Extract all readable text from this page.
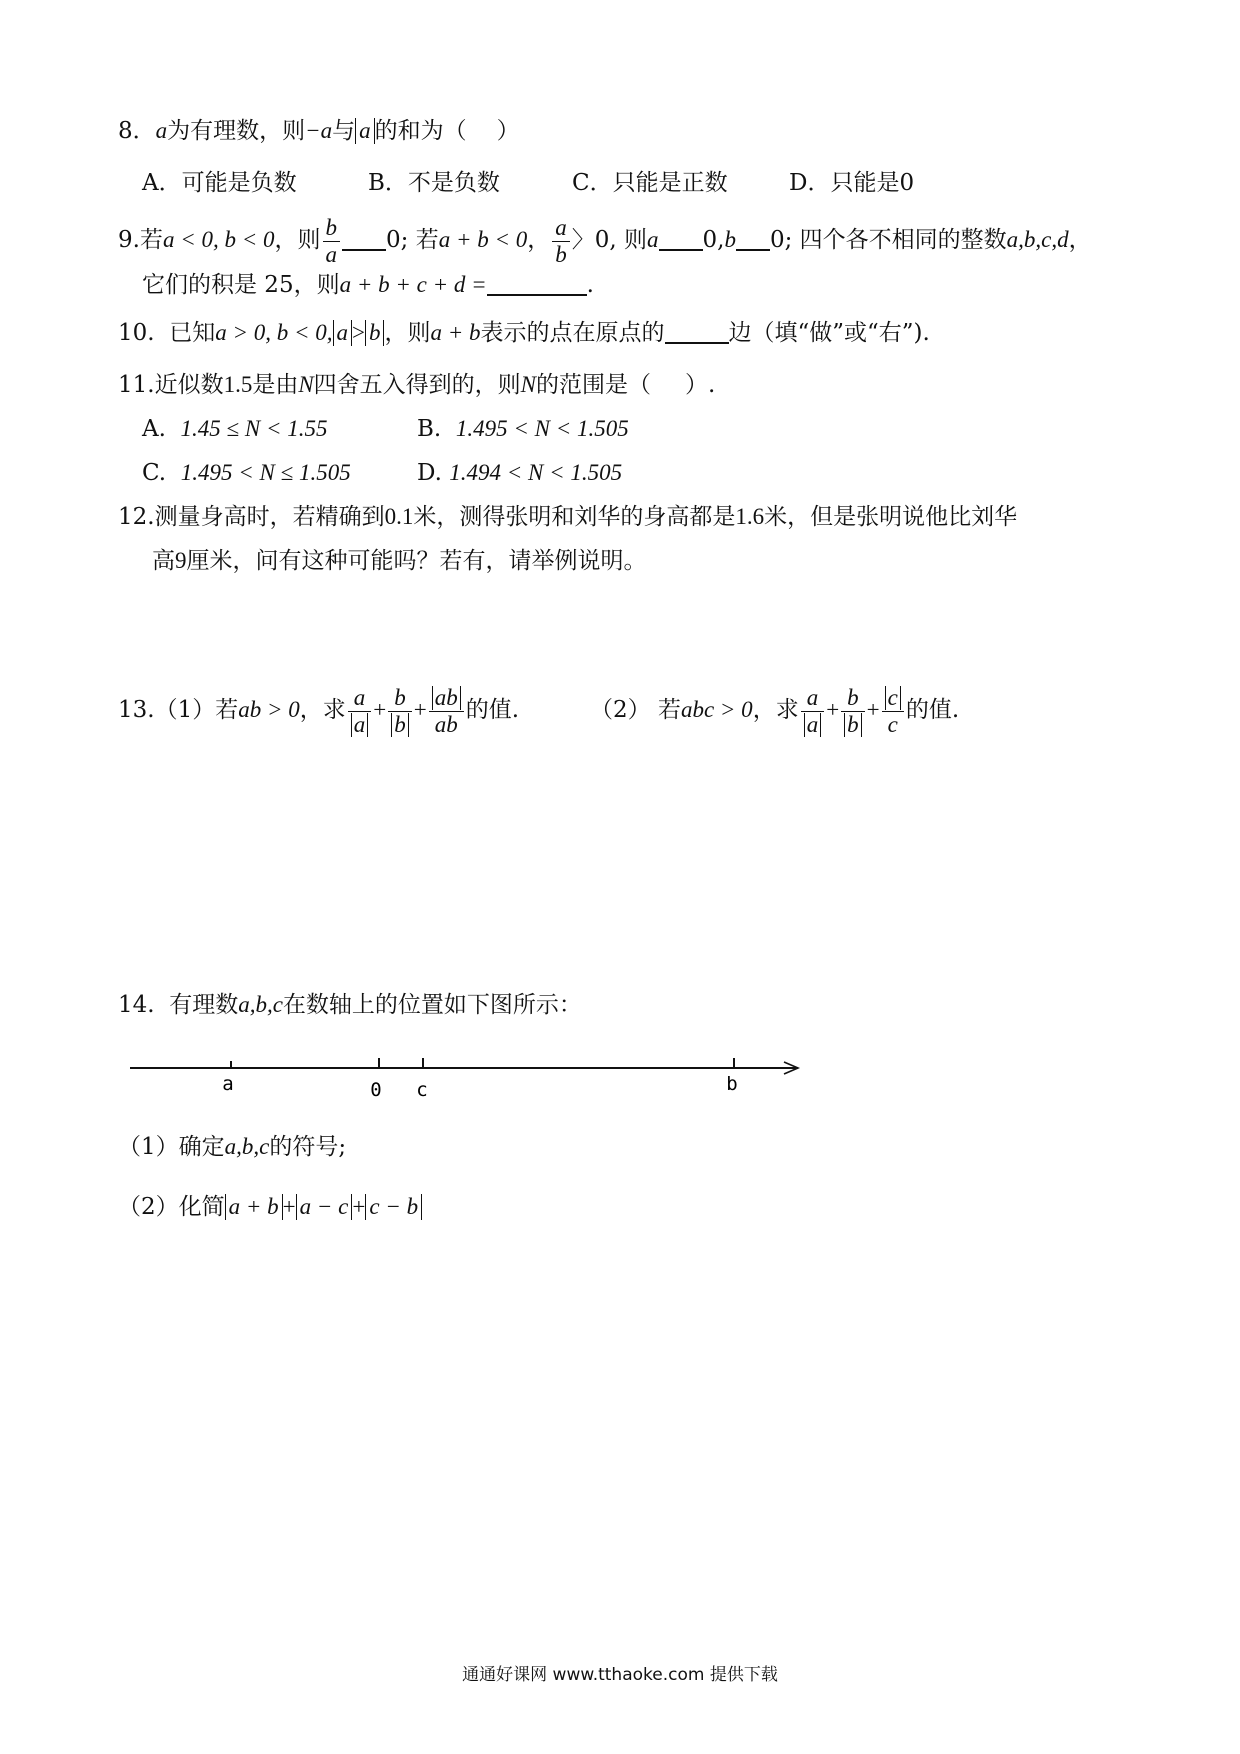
8．a为有理数，则−a与 a 的和为（ ）
A．可能是负数	B．不是负数	C．只能是正数	D．只能是0
9.若a < 0, b < 0，则 $\frac{b}{a} 0$; 若a + b < 0， $\frac{a}{b}$ 〉0, 则a 0,b 0; 四个各不相同的整数a,b,c,d，
它们的积是 25，则a + b + c + d =	.
10. 已知a > 0, b < 0, a > b ，则a + b表示的点在原点的	边（填“做”或“右”).
11.近似数1.5是由N四舍五入得到的，则N的范围是（ ）.
A. 1.45 ≤ N < 1.55	B. 1.495 < N < 1.505
C. 1.495 < N ≤ 1.505	D. 1.494 < N < 1.505
12.测量身高时，若精确到0.1米，测得张明和刘华的身高都是1.6米，但是张明说他比刘华
高9厘米，问有这种可能吗？若有，请举例说明。
13.（1）若ab > 0，求 $\frac{a}{a} + \frac{b}{b} + \frac{ab}{ab}$ 的值.	（2） 若abc > 0，求 $\frac{a}{a} + \frac{b}{b} + \frac{c}{c}$ 的值.
14. 有理数a,b,c在数轴上的位置如下图所示：
a	0 c	b
（1）确定a,b,c的符号;
（2）化简 a + b + a − c + c − b
通通好课网 www.tthaoke.com 提供下载
